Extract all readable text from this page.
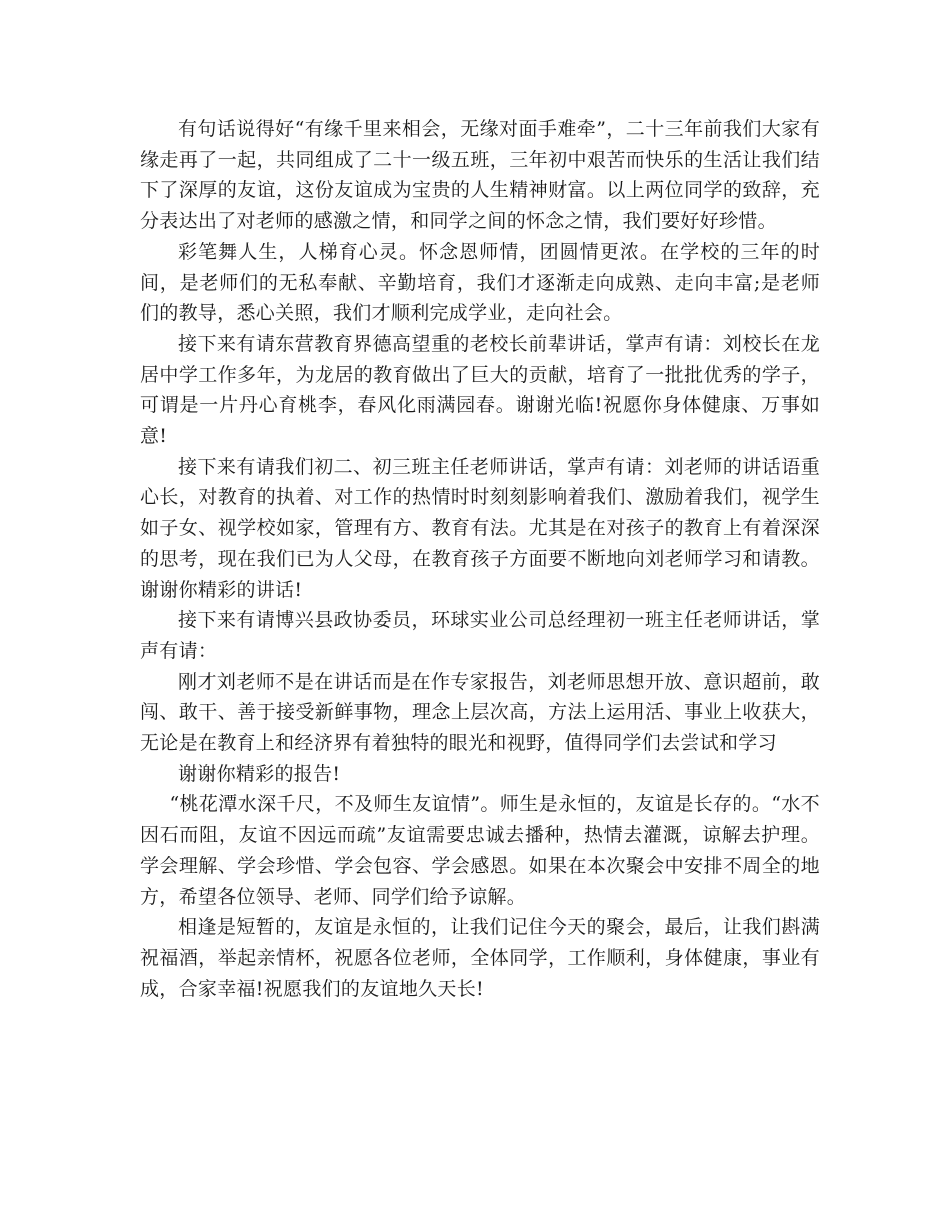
有句话说得好“有缘千里来相会，无缘对面手难牵”，二十三年前我们大家有缘走再了一起，共同组成了二十一级五班，三年初中艰苦而快乐的生活让我们结下了深厚的友谊，这份友谊成为宝贵的人生精神财富。以上两位同学的致辞，充分表达出了对老师的感激之情，和同学之间的怀念之情，我们要好好珍惜。

彩笔舞人生，人梯育心灵。怀念恩师情，团圆情更浓。在学校的三年的时间，是老师们的无私奉献、辛勤培育，我们才逐渐走向成熟、走向丰富;是老师们的教导，悉心关照，我们才顺利完成学业，走向社会。

接下来有请东营教育界德高望重的老校长前辈讲话，掌声有请：刘校长在龙居中学工作多年，为龙居的教育做出了巨大的贡献，培育了一批批优秀的学子，可谓是一片丹心育桃李，春风化雨满园春。谢谢光临!祝愿你身体健康、万事如意!

接下来有请我们初二、初三班主任老师讲话，掌声有请：刘老师的讲话语重心长，对教育的执着、对工作的热情时时刻刻影响着我们、激励着我们，视学生如子女、视学校如家，管理有方、教育有法。尤其是在对孩子的教育上有着深深的思考，现在我们已为人父母，在教育孩子方面要不断地向刘老师学习和请教。谢谢你精彩的讲话!

接下来有请博兴县政协委员，环球实业公司总经理初一班主任老师讲话，掌声有请：

刚才刘老师不是在讲话而是在作专家报告，刘老师思想开放、意识超前，敢闯、敢干、善于接受新鲜事物，理念上层次高，方法上运用活、事业上收获大，无论是在教育上和经济界有着独特的眼光和视野，值得同学们去尝试和学习

谢谢你精彩的报告!

“桃花潭水深千尺，不及师生友谊情”。师生是永恒的，友谊是长存的。“水不因石而阻，友谊不因远而疏”友谊需要忠诚去播种，热情去灌溉，谅解去护理。学会理解、学会珍惜、学会包容、学会感恩。如果在本次聚会中安排不周全的地方，希望各位领导、老师、同学们给予谅解。

相逢是短暂的，友谊是永恒的，让我们记住今天的聚会，最后，让我们斟满祝福酒，举起亲情杯，祝愿各位老师，全体同学，工作顺利，身体健康，事业有成，合家幸福!祝愿我们的友谊地久天长!
